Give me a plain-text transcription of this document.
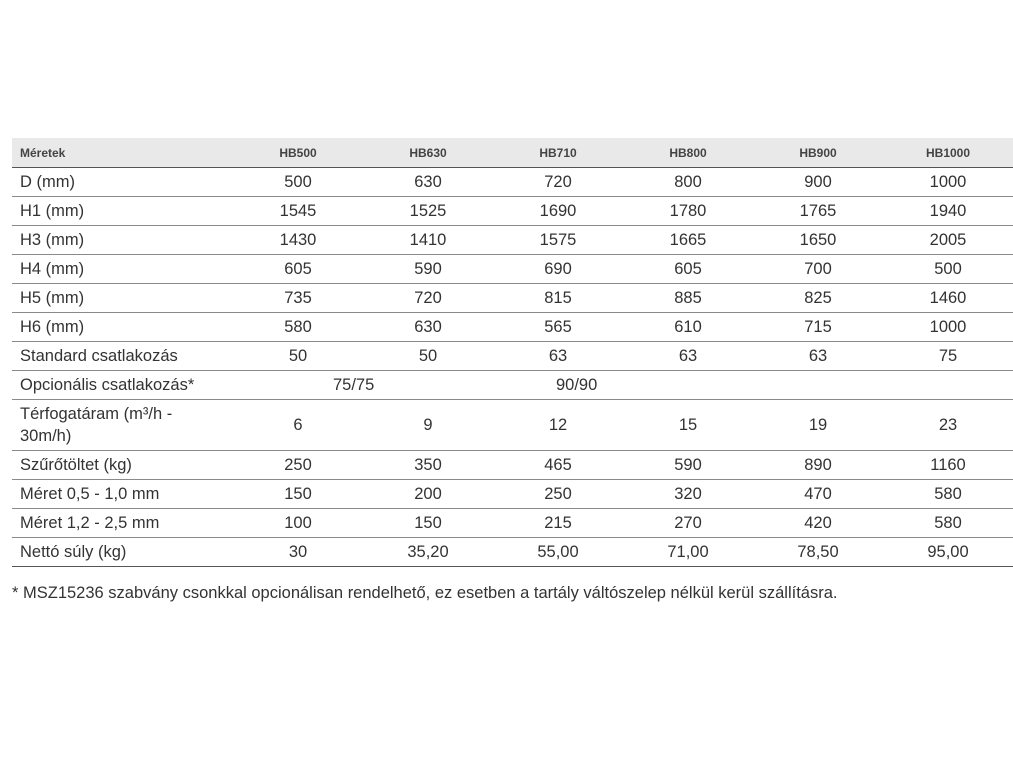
Méretek	HB500	HB630	HB710	HB800	HB900	HB1000
D (mm)	500	630	720	800	900	1000
H1 (mm)	1545	1525	1690	1780	1765	1940
H3 (mm)	1430	1410	1575	1665	1650	2005
H4 (mm)	605	590	690	605	700	500
H5 (mm)	735	720	815	885	825	1460
H6 (mm)	580	630	565	610	715	1000
Standard csatlakozás	50	50	63	63	63	75
Opcionális csatlakozás*	75/75		90/90			
Térfogatáram (m³/h - 30m/h)	6	9	12	15	19	23
Szűrőtöltet (kg)	250	350	465	590	890	1160
Méret 0,5 - 1,0 mm	150	200	250	320	470	580
Méret 1,2 - 2,5 mm	100	150	215	270	420	580
Nettó súly (kg)	30	35,20	55,00	71,00	78,50	95,00
* MSZ15236 szabvány csonkkal opcionálisan rendelhető, ez esetben a tartály váltószelep nélkül kerül szállításra.
